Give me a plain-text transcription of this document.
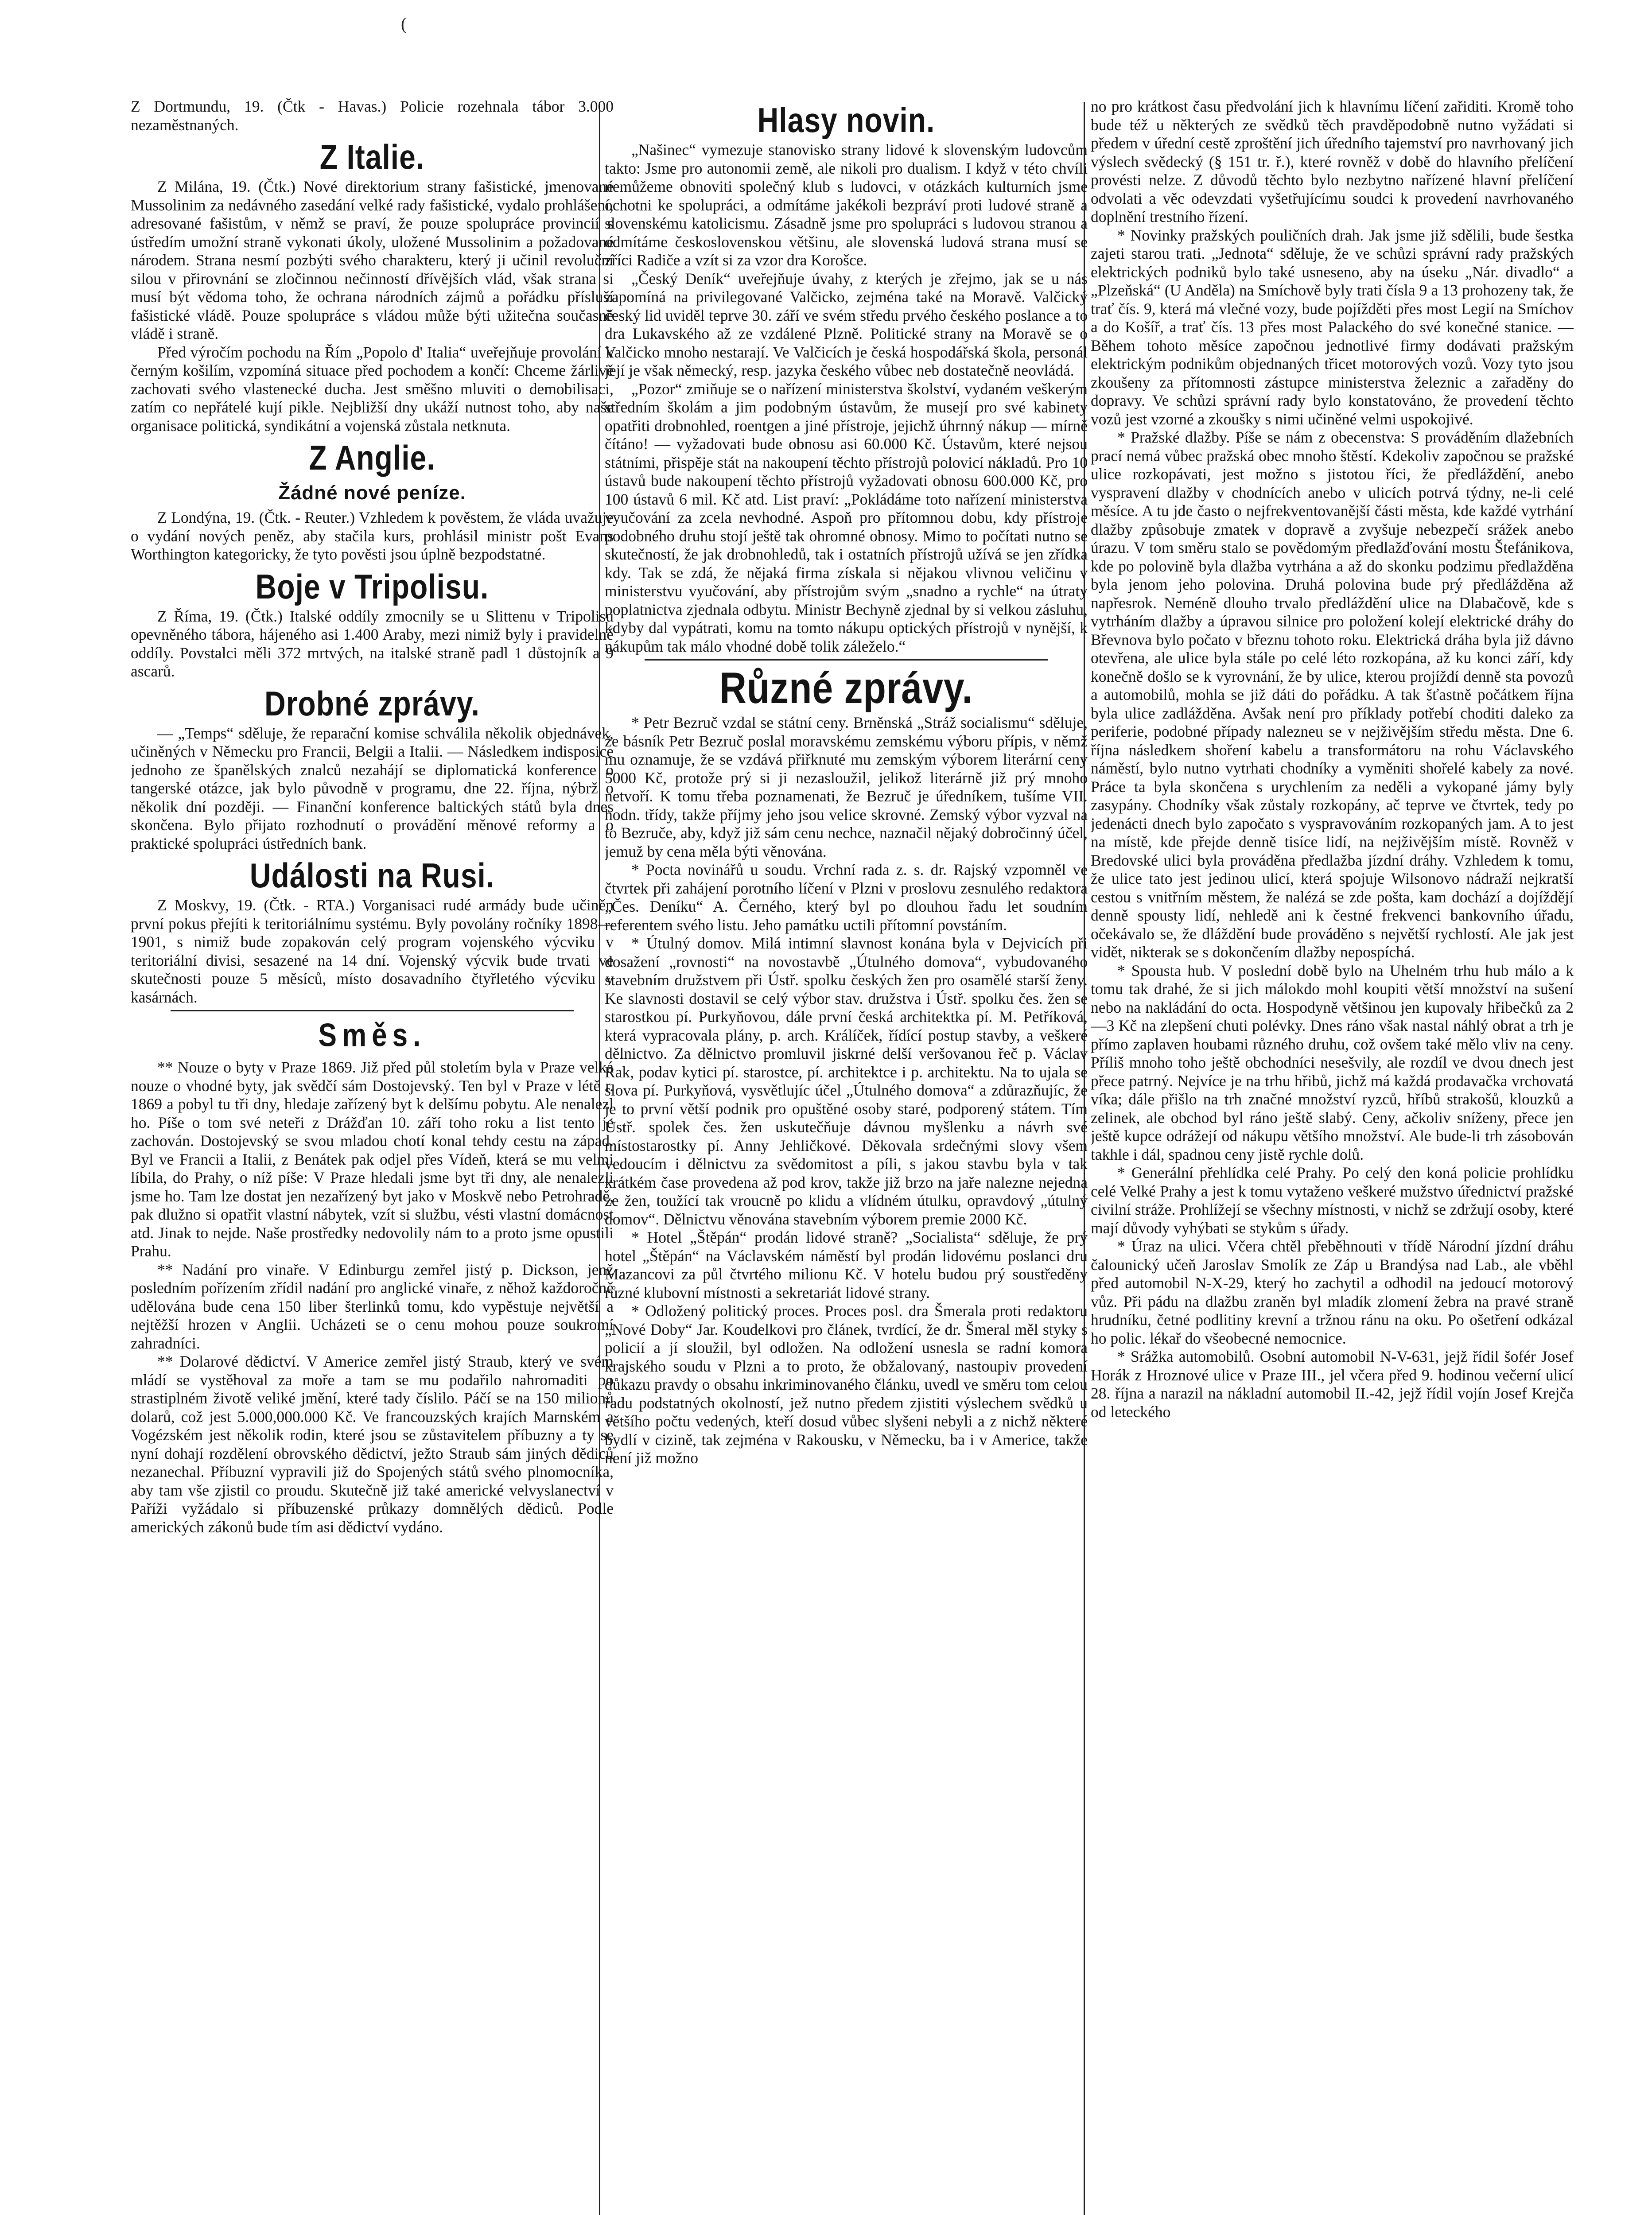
(

Z Dortmundu, 19. (Čtk - Havas.) Policie rozehnala tábor 3.000 nezaměstnaných.

Z Italie.

Z Milána, 19. (Čtk.) Nové direktorium strany fašistické, jmenované Mussolinim za nedávného zasedání velké rady fašistické, vydalo prohlášení, adresované fašistům, v němž se praví, že pouze spolupráce provincií s ústředím umožní straně vykonati úkoly, uložené Mussolinim a požadované národem. Strana nesmí pozbýti svého charakteru, který ji učinil revoluční silou v přirovnání se zločinnou nečinností dřívějších vlád, však strana si musí být vědoma toho, že ochrana národních zájmů a pořádku přísluší fašistické vládě. Pouze spolupráce s vládou může býti užitečna současně vládě i straně.

Před výročím pochodu na Řím „Popolo d' Italia“ uveřejňuje provolání k černým košilím, vzpomíná situace před pochodem a končí: Chceme žárlivě zachovati svého vlastenecké ducha. Jest směšno mluviti o demobilisaci, zatím co nepřátelé kují pikle. Nejbližší dny ukáží nutnost toho, aby naše organisace politická, syndikátní a vojenská zůstala netknuta.

Z Anglie.
Žádné nové peníze.

Z Londýna, 19. (Čtk. - Reuter.) Vzhledem k pověstem, že vláda uvažuje o vydání nových peněz, aby stačila kurs, prohlásil ministr pošt Evans Worthington kategoricky, že tyto pověsti jsou úplně bezpodstatné.

Boje v Tripolisu.

Z Říma, 19. (Čtk.) Italské oddíly zmocnily se u Slittenu v Tripolisu opevněného tábora, hájeného asi 1.400 Araby, mezi nimiž byly i pravidelné oddíly. Povstalci měli 372 mrtvých, na italské straně padl 1 důstojník a 9 ascarů.

Drobné zprávy.

— „Temps“ sděluje, že reparační komise schválila několik objednávek, učiněných v Německu pro Francii, Belgii a Italii. — Následkem indisposice jednoho ze španělských znalců nezahájí se diplomatická konference o tangerské otázce, jak bylo původně v programu, dne 22. října, nýbrž o několik dní později. — Finanční konference baltických států byla dnes skončena. Bylo přijato rozhodnutí o provádění měnové reformy a o praktické spolupráci ústředních bank.

Události na Rusi.

Z Moskvy, 19. (Čtk. - RTA.) Vorganisaci rudé armády bude učiněn první pokus přejíti k teritoriálnímu systému. Byly povolány ročníky 1898—1901, s nimiž bude zopakován celý program vojenského výcviku v teritoriální divisi, sesazené na 14 dní. Vojenský výcvik bude trvati ve skutečnosti pouze 5 měsíců, místo dosavadního čtyřletého výcviku v kasárnách.

Směs.

** Nouze o byty v Praze 1869. Již před půl stoletím byla v Praze velká nouze o vhodné byty, jak svědčí sám Dostojevský. Ten byl v Praze v létě r. 1869 a pobyl tu tři dny, hledaje zařízený byt k delšímu pobytu. Ale nenalezl ho. Píše o tom své neteři z Drážďan 10. září toho roku a list tento je zachován. Dostojevský se svou mladou chotí konal tehdy cestu na západ. Byl ve Francii a Italii, z Benátek pak odjel přes Vídeň, která se mu velmi líbila, do Prahy, o níž píše: V Praze hledali jsme byt tři dny, ale nenalezli jsme ho. Tam lze dostat jen nezařízený byt jako v Moskvě nebo Petrohradě, pak dlužno si opatřit vlastní nábytek, vzít si službu, vésti vlastní domácnost atd. Jinak to nejde. Naše prostředky nedovolily nám to a proto jsme opustili Prahu.

** Nadání pro vinaře. V Edinburgu zemřel jistý p. Dickson, jenž posledním pořízením zřídil nadání pro anglické vinaře, z něhož každoročně udělována bude cena 150 liber šterlinků tomu, kdo vypěstuje největší a nejtěžší hrozen v Anglii. Ucházeti se o cenu mohou pouze soukromí zahradníci.

** Dolarové dědictví. V Americe zemřel jistý Straub, který ve svém mládí se vystěhoval za moře a tam se mu podařilo nahromaditi po strastiplném životě veliké jmění, které tady číslilo. Páčí se na 150 milionů dolarů, což jest 5.000,000.000 Kč. Ve francouzských krajích Marnském a Vogézském jest několik rodin, které jsou se zůstavitelem příbuzny a ty se nyní dohají rozdělení obrovského dědictví, ježto Straub sám jiných dědiců nezanechal. Příbuzní vypravili již do Spojených států svého plnomocníka, aby tam vše zjistil co proudu. Skutečně již také americké velvyslanectví v Paříži vyžádalo si příbuzenské průkazy domnělých dědiců. Podle amerických zákonů bude tím asi dědictví vydáno.

Hlasy novin.

„Našinec“ vymezuje stanovisko strany lidové k slovenským ludovcům takto: Jsme pro autonomii země, ale nikoli pro dualism. I když v této chvíli nemůžeme obnoviti společný klub s ludovci, v otázkách kulturních jsme ochotni ke spolupráci, a odmítáme jakékoli bezpráví proti ludové straně a slovenskému katolicismu. Zásadně jsme pro spolupráci s ludovou stranou a odmítáme československou většinu, ale slovenská ludová strana musí se zříci Radiče a vzít si za vzor dra Korošce.

„Český Deník“ uveřejňuje úvahy, z kterých je zřejmo, jak se u nás zapomíná na privilegované Valčicko, zejména také na Moravě. Valčický český lid uviděl teprve 30. září ve svém středu prvého českého poslance a to dra Lukavského až ze vzdálené Plzně. Politické strany na Moravě se o Valčicko mnoho nestarají. Ve Valčicích je česká hospodářská škola, personál její je však německý, resp. jazyka českého vůbec neb dostatečně neovládá.

„Pozor“ zmiňuje se o nařízení ministerstva školství, vydaném veškerým středním školám a jim podobným ústavům, že musejí pro své kabinety opatřiti drobnohled, roentgen a jiné přístroje, jejichž úhrnný nákup — mírně čítáno! — vyžadovati bude obnosu asi 60.000 Kč. Ústavům, které nejsou státními, přispěje stát na nakoupení těchto přístrojů polovicí nákladů. Pro 10 ústavů bude nakoupení těchto přístrojů vyžadovati obnosu 600.000 Kč, pro 100 ústavů 6 mil. Kč atd. List praví: „Pokládáme toto nařízení ministerstva vyučování za zcela nevhodné. Aspoň pro přítomnou dobu, kdy přístroje podobného druhu stojí ještě tak ohromné obnosy. Mimo to počítati nutno se skutečností, že jak drobnohledů, tak i ostatních přístrojů užívá se jen zřídka kdy. Tak se zdá, že nějaká firma získala si nějakou vlivnou veličinu v ministerstvu vyučování, aby přístrojům svým „snadno a rychle“ na útraty poplatnictva zjednala odbytu. Ministr Bechyně zjednal by si velkou zásluhu, kdyby dal vypátrati, komu na tomto nákupu optických přístrojů v nynější, k nákupům tak málo vhodné době tolik záleželo.“

Různé zprávy.

* Petr Bezruč vzdal se státní ceny. Brněnská „Stráž socialismu“ sděluje, že básník Petr Bezruč poslal moravskému zemskému výboru přípis, v němž mu oznamuje, že se vzdává přiřknuté mu zemským výborem literární ceny 5000 Kč, protože prý si ji nezasloužil, jelikož literárně již prý mnoho netvoří. K tomu třeba poznamenati, že Bezruč je úředníkem, tušíme VII. hodn. třídy, takže příjmy jeho jsou velice skrovné. Zemský výbor vyzval na to Bezruče, aby, když již sám cenu nechce, naznačil nějaký dobročinný účel, jemuž by cena měla býti věnována.

* Pocta novinářů u soudu. Vrchní rada z. s. dr. Rajský vzpomněl ve čtvrtek při zahájení porotního líčení v Plzni v proslovu zesnulého redaktora „Čes. Deníku“ A. Černého, který byl po dlouhou řadu let soudním referentem svého listu. Jeho památku uctili přítomní povstáním.

* Útulný domov. Milá intimní slavnost konána byla v Dejvicích při dosažení „rovnosti“ na novostavbě „Útulného domova“, vybudovaného stavebním družstvem při Ústř. spolku českých žen pro osamělé starší ženy. Ke slavnosti dostavil se celý výbor stav. družstva i Ústř. spolku čes. žen se starostkou pí. Purkyňovou, dále první česká architektka pí. M. Petříková, která vypracovala plány, p. arch. Králíček, řídící postup stavby, a veškeré dělnictvo. Za dělnictvo promluvil jiskrné delší veršovanou řeč p. Václav Rak, podav kytici pí. starostce, pí. architektce i p. architektu. Na to ujala se slova pí. Purkyňová, vysvětlujíc účel „Útulného domova“ a zdůrazňujíc, že je to první větší podnik pro opuštěné osoby staré, podporený státem. Tím Ústř. spolek čes. žen uskutečňuje dávnou myšlenku a návrh své místostarostky pí. Anny Jehličkové. Děkovala srdečnými slovy všem vedoucím i dělnictvu za svědomitost a píli, s jakou stavbu byla v tak krátkém čase provedena až pod krov, takže již brzo na jaře nalezne nejedna ze žen, toužící tak vroucně po klidu a vlídném útulku, opravdový „útulný domov“. Dělnictvu věnována stavebním výborem premie 2000 Kč.

* Hotel „Štěpán“ prodán lidové straně? „Socialista“ sděluje, že prý hotel „Štěpán“ na Václavském náměstí byl prodán lidovému poslanci dru Mazancovi za půl čtvrtého milionu Kč. V hotelu budou prý soustředěny různé klubovní místnosti a sekretariát lidové strany.

* Odložený politický proces. Proces posl. dra Šmerala proti redaktoru „Nové Doby“ Jar. Koudelkovi pro článek, tvrdící, že dr. Šmeral měl styky s policií a jí sloužil, byl odložen. Na odložení usnesla se radní komora krajského soudu v Plzni a to proto, že obžalovaný, nastoupiv provedení důkazu pravdy o obsahu inkriminovaného článku, uvedl ve směru tom celou řadu podstatných okolností, jež nutno předem zjistiti výslechem svědků u většího počtu vedených, kteří dosud vůbec slyšeni nebyli a z nichž některé bydlí v cizině, tak zejména v Rakousku, v Německu, ba i v Americe, takže není již možno

no pro krátkost času předvolání jich k hlavnímu líčení zařiditi. Kromě toho bude též u některých ze svědků těch pravděpodobně nutno vyžádati si předem v úřední cestě zproštění jich úředního tajemství pro navrhovaný jich výslech svědecký (§ 151 tr. ř.), které rovněž v době do hlavního přelíčení provésti nelze. Z důvodů těchto bylo nezbytno nařízené hlavní přelíčení odvolati a věc odevzdati vyšetřujícímu soudci k provedení navrhovaného doplnění trestního řízení.

* Novinky pražských pouličních drah. Jak jsme již sdělili, bude šestka zajeti starou trati. „Jednota“ sděluje, že ve schůzi správní rady pražských elektrických podniků bylo také usneseno, aby na úseku „Nár. divadlo“ a „Plzeňská“ (U Anděla) na Smíchově byly trati čísla 9 a 13 prohozeny tak, že trať čís. 9, která má vlečné vozy, bude pojížděti přes most Legií na Smíchov a do Košíř, a trať čís. 13 přes most Palackého do své konečné stanice. — Během tohoto měsíce započnou jednotlivé firmy dodávati pražským elektrickým podnikům objednaných třicet motorových vozů. Vozy tyto jsou zkoušeny za přítomnosti zástupce ministerstva železnic a zařaděny do dopravy. Ve schůzi správní rady bylo konstatováno, že provedení těchto vozů jest vzorné a zkoušky s nimi učiněné velmi uspokojivé.

* Pražské dlažby. Píše se nám z obecenstva: S prováděním dlažebních prací nemá vůbec pražská obec mnoho štěstí. Kdekoliv započnou se pražské ulice rozkopávati, jest možno s jistotou říci, že předláždění, anebo vyspravení dlažby v chodnících anebo v ulicích potrvá týdny, ne-li celé měsíce. A tu jde často o nejfrekventovanější části města, kde každé vytrhání dlažby způsobuje zmatek v dopravě a zvyšuje nebezpečí srážek anebo úrazu. V tom směru stalo se povědomým předlažďování mostu Štefánikova, kde po polovině byla dlažba vytrhána a až do skonku podzimu předlažděna byla jenom jeho polovina. Druhá polovina bude prý předlážděna až napřesrok. Neméně dlouho trvalo předláždění ulice na Dlabačově, kde s vytrháním dlažby a úpravou silnice pro položení kolejí elektrické dráhy do Břevnova bylo počato v březnu tohoto roku. Elektrická dráha byla již dávno otevřena, ale ulice byla stále po celé léto rozkopána, až ku konci září, kdy konečně došlo se k vyrovnání, že by ulice, kterou projíždí denně sta povozů a automobilů, mohla se již dáti do pořádku. A tak šťastně počátkem října byla ulice zadlážděna. Avšak není pro příklady potřebí choditi daleko za periferie, podobné případy nalezneu se v nejživějším středu města. Dne 6. října následkem shoření kabelu a transformátoru na rohu Václavského náměstí, bylo nutno vytrhati chodníky a vyměniti shořelé kabely za nové. Práce ta byla skončena s urychlením za neděli a vykopané jámy byly zasypány. Chodníky však zůstaly rozkopány, ač teprve ve čtvrtek, tedy po jedenácti dnech bylo započato s vyspravováním rozkopaných jam. A to jest na místě, kde přejde denně tisíce lidí, na nejživějším místě. Rovněž v Bredovské ulici byla prováděna předlažba jízdní dráhy. Vzhledem k tomu, že ulice tato jest jedinou ulicí, která spojuje Wilsonovo nádraží nejkratší cestou s vnitřním městem, že nalézá se zde pošta, kam dochází a dojíždějí denně spousty lidí, nehledě ani k čestné frekvenci bankovního úřadu, očekávalo se, že dláždění bude prováděno s největší rychlostí. Ale jak jest vidět, nikterak se s dokončením dlažby nepospíchá.

* Spousta hub. V poslední době bylo na Uhelném trhu hub málo a k tomu tak drahé, že si jich málokdo mohl koupiti větší množství na sušení nebo na nakládání do octa. Hospodyně většinou jen kupovaly hřibečků za 2—3 Kč na zlepšení chuti polévky. Dnes ráno však nastal náhlý obrat a trh je přímo zaplaven houbami různého druhu, což ovšem také mělo vliv na ceny. Příliš mnoho toho ještě obchodníci nesešvily, ale rozdíl ve dvou dnech jest přece patrný. Nejvíce je na trhu hřibů, jichž má každá prodavačka vrchovatá víka; dále přišlo na trh značné množství ryzců, hříbů strakošů, klouzků a zelinek, ale obchod byl ráno ještě slabý. Ceny, ačkoliv sníženy, přece jen ještě kupce odrážejí od nákupu většího množství. Ale bude-li trh zásobován takhle i dál, spadnou ceny jistě rychle dolů.

* Generální přehlídka celé Prahy. Po celý den koná policie prohlídku celé Velké Prahy a jest k tomu vytaženo veškeré mužstvo úřednictví pražské civilní stráže. Prohlížejí se všechny místnosti, v nichž se zdržují osoby, které mají důvody vyhýbati se stykům s úřady.

* Úraz na ulici. Včera chtěl přeběhnouti v třídě Národní jízdní dráhu čalounický učeň Jaroslav Smolík ze Záp u Brandýsa nad Lab., ale vběhl před automobil N-X-29, který ho zachytil a odhodil na jedoucí motorový vůz. Při pádu na dlažbu zraněn byl mladík zlomení žebra na pravé straně hrudníku, četné podlitiny krevní a tržnou ránu na oku. Po ošetření odkázal ho polic. lékař do všeobecné nemocnice.

* Srážka automobilů. Osobní automobil N-V-631, jejž řídil šofér Josef Horák z Hroznové ulice v Praze III., jel včera před 9. hodinou večerní ulicí 28. října a narazil na nákladní automobil II.-42, jejž řídil vojín Josef Krejča od leteckého
